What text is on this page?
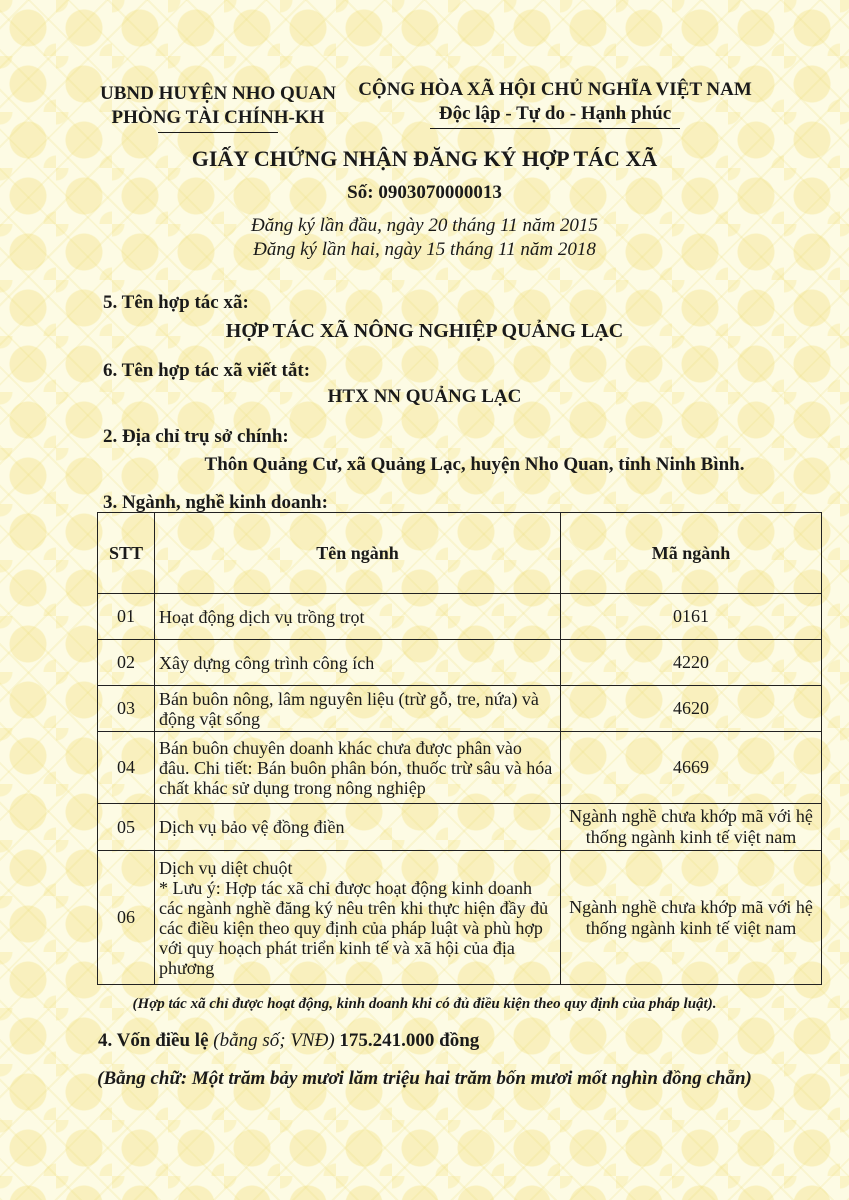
UBND HUYỆN NHO QUAN
PHÒNG TÀI CHÍNH-KH
CỘNG HÒA XÃ HỘI CHỦ NGHĨA VIỆT NAM
Độc lập - Tự do - Hạnh phúc
GIẤY CHỨNG NHẬN ĐĂNG KÝ HỢP TÁC XÃ
Số: 0903070000013
Đăng ký lần đầu, ngày 20 tháng 11 năm 2015
Đăng ký lần hai, ngày 15 tháng 11 năm 2018
5. Tên hợp tác xã:
HỢP TÁC XÃ NÔNG NGHIỆP QUẢNG LẠC
6. Tên hợp tác xã viết tắt:
HTX NN QUẢNG LẠC
2. Địa chỉ trụ sở chính:
Thôn Quảng Cư, xã Quảng Lạc, huyện Nho Quan, tỉnh Ninh Bình.
3. Ngành, nghề kinh doanh:
STT	Tên ngành	Mã ngành
01	Hoạt động dịch vụ trồng trọt	0161
02	Xây dựng công trình công ích	4220
03	Bán buôn nông, lâm nguyên liệu (trừ gỗ, tre, nứa) và động vật sống	4620
04	Bán buôn chuyên doanh khác chưa được phân vào đâu. Chi tiết: Bán buôn phân bón, thuốc trừ sâu và hóa chất khác sử dụng trong nông nghiệp	4669
05	Dịch vụ bảo vệ đồng điền	Ngành nghề chưa khớp mã với hệ thống ngành kinh tế việt nam
06	Dịch vụ diệt chuột
* Lưu ý: Hợp tác xã chỉ được hoạt động kinh doanh các ngành nghề đăng ký nêu trên khi thực hiện đầy đủ các điều kiện theo quy định của pháp luật và phù hợp với quy hoạch phát triển kinh tế và xã hội của địa phương	Ngành nghề chưa khớp mã với hệ thống ngành kinh tế việt nam
(Hợp tác xã chỉ được hoạt động, kinh doanh khi có đủ điều kiện theo quy định của pháp luật).
4. Vốn điều lệ (bằng số; VNĐ) 175.241.000 đồng
(Bằng chữ: Một trăm bảy mươi lăm triệu hai trăm bốn mươi mốt nghìn đồng chẵn)
